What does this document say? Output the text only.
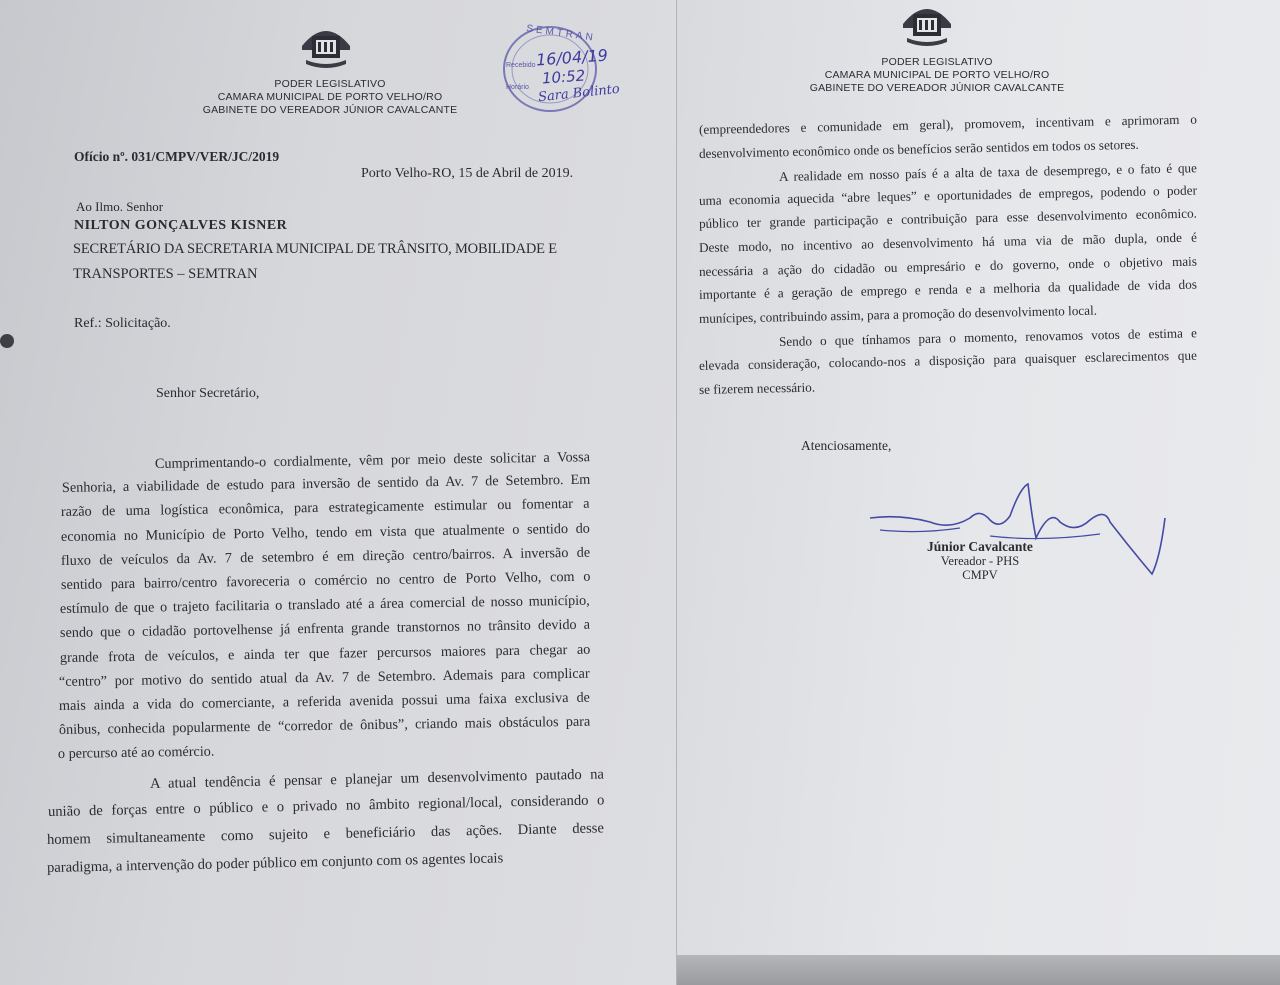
PODER LEGISLATIVO
CAMARA MUNICIPAL DE PORTO VELHO/RO
GABINETE DO VEREADOR JÚNIOR CAVALCANTE
SEMTRAN
Recebido 16/04/19
Horário
10:52
Sara Bolinto
Ofício nº. 031/CMPV/VER/JC/2019
Porto Velho-RO, 15 de Abril de 2019.
Ao Ilmo. Senhor
NILTON GONÇALVES KISNER
SECRETÁRIO DA SECRETARIA MUNICIPAL DE TRÂNSITO, MOBILIDADE E
TRANSPORTES – SEMTRAN
Ref.: Solicitação.
Senhor Secretário,
Cumprimentando-o cordialmente, vêm por meio deste solicitar a Vossa
Senhoria, a viabilidade de estudo para inversão de sentido da Av. 7 de Setembro. Em
razão de uma logística econômica, para estrategicamente estimular ou fomentar a
economia no Município de Porto Velho, tendo em vista que atualmente o sentido do
fluxo de veículos da Av. 7 de setembro é em direção centro/bairros. A inversão de
sentido para bairro/centro favoreceria o comércio no centro de Porto Velho, com o
estímulo de que o trajeto facilitaria o translado até a área comercial de nosso município,
sendo que o cidadão portovelhense já enfrenta grande transtornos no trânsito devido a
grande frota de veículos, e ainda ter que fazer percursos maiores para chegar ao
“centro” por motivo do sentido atual da Av. 7 de Setembro. Ademais para complicar
mais ainda a vida do comerciante, a referida avenida possui uma faixa exclusiva de
ônibus, conhecida popularmente de “corredor de ônibus”, criando mais obstáculos para
o percurso até ao comércio.
A atual tendência é pensar e planejar um desenvolvimento pautado na
união de forças entre o público e o privado no âmbito regional/local, considerando o
homem simultaneamente como sujeito e beneficiário das ações. Diante desse
paradigma, a intervenção do poder público em conjunto com os agentes locais
PODER LEGISLATIVO
CAMARA MUNICIPAL DE PORTO VELHO/RO
GABINETE DO VEREADOR JÚNIOR CAVALCANTE
(empreendedores e comunidade em geral), promovem, incentivam e aprimoram o
desenvolvimento econômico onde os benefícios serão sentidos em todos os setores.
A realidade em nosso país é a alta de taxa de desemprego, e o fato é que
uma economia aquecida “abre leques” e oportunidades de empregos, podendo o poder
público ter grande participação e contribuição para esse desenvolvimento econômico.
Deste modo, no incentivo ao desenvolvimento há uma via de mão dupla, onde é
necessária a ação do cidadão ou empresário e do governo, onde o objetivo mais
importante é a geração de emprego e renda e a melhoria da qualidade de vida dos
munícipes, contribuindo assim, para a promoção do desenvolvimento local.
Sendo o que tínhamos para o momento, renovamos votos de estima e
elevada consideração, colocando-nos a disposição para quaisquer esclarecimentos que
se fizerem necessário.
Atenciosamente,
Júnior Cavalcante
Vereador - PHS
CMPV
